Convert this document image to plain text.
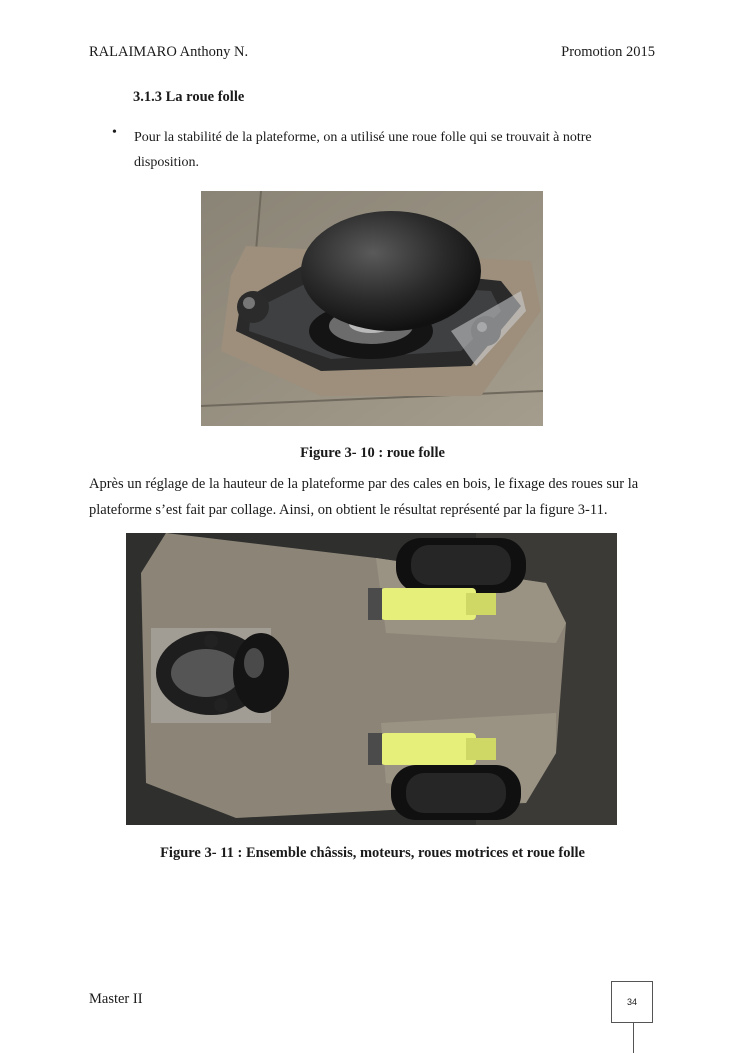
RALAIMARO Anthony N.	Promotion 2015
3.1.3 La roue folle
• Pour la stabilité de la plateforme, on a utilisé une roue folle qui se trouvait à notre disposition.
Figure 3- 10 : roue folle
Après un réglage de la hauteur de la plateforme par des cales en bois, le fixage des roues sur la plateforme s’est fait par collage. Ainsi, on obtient le résultat représenté par la figure 3-11.
Figure 3- 11 : Ensemble châssis, moteurs, roues motrices et roue folle
Master II	34
